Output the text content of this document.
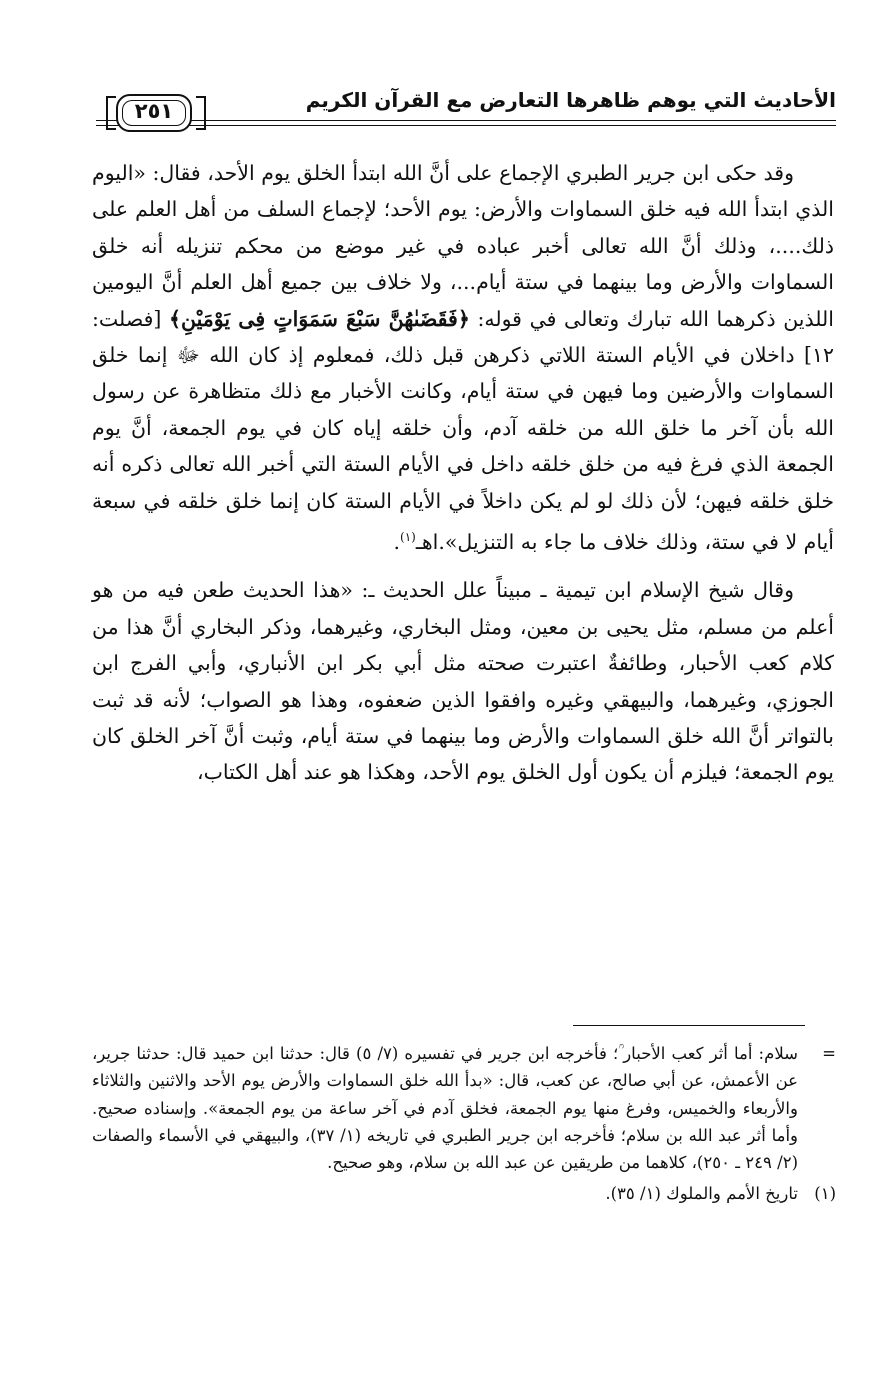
٢٥١	الأحاديث التي يوهم ظاهرها التعارض مع القرآن الكريم

وقد حكى ابن جرير الطبري الإجماع على أنَّ الله ابتدأ الخلق يوم الأحد، فقال: «اليوم الذي ابتدأ الله فيه خلق السماوات والأرض: يوم الأحد؛ لإجماع السلف من أهل العلم على ذلك....، وذلك أنَّ الله تعالى أخبر عباده في غير موضع من محكم تنزيله أنه خلق السماوات والأرض وما بينهما في ستة أيام...، ولا خلاف بين جميع أهل العلم أنَّ اليومين اللذين ذكرهما الله تبارك وتعالى في قوله: ﴿فَقَضَىٰهُنَّ سَبْعَ سَمَوَاتٍ فِى يَوْمَيْنِ﴾ [فصلت: ١٢] داخلان في الأيام الستة اللاتي ذكرهن قبل ذلك، فمعلوم إذ كان الله ﷻ إنما خلق السماوات والأرضين وما فيهن في ستة أيام، وكانت الأخبار مع ذلك متظاهرة عن رسول الله بأن آخر ما خلق الله من خلقه آدم، وأن خلقه إياه كان في يوم الجمعة، أنَّ يوم الجمعة الذي فرغ فيه من خلق خلقه داخل في الأيام الستة التي أخبر الله تعالى ذكره أنه خلق خلقه فيهن؛ لأن ذلك لو لم يكن داخلاً في الأيام الستة كان إنما خلق خلقه في سبعة أيام لا في ستة، وذلك خلاف ما جاء به التنزيل».اهـ$^{(١)}$.

وقال شيخ الإسلام ابن تيمية ـ مبيناً علل الحديث ـ: «هذا الحديث طعن فيه من هو أعلم من مسلم، مثل يحيى بن معين، ومثل البخاري، وغيرهما، وذكر البخاري أنَّ هذا من كلام كعب الأحبار، وطائفةٌ اعتبرت صحته مثل أبي بكر ابن الأنباري، وأبي الفرج ابن الجوزي، وغيرهما، والبيهقي وغيره وافقوا الذين ضعفوه، وهذا هو الصواب؛ لأنه قد ثبت بالتواتر أنَّ الله خلق السماوات والأرض وما بينهما في ستة أيام، وثبت أنَّ آخر الخلق كان يوم الجمعة؛ فيلزم أن يكون أول الخلق يوم الأحد، وهكذا هو عند أهل الكتاب،

=
سلام: أما أثر كعب الأحبار ؒ؛ فأخرجه ابن جرير في تفسيره (٧/ ٥) قال: حدثنا ابن حميد قال: حدثنا جرير، عن الأعمش، عن أبي صالح، عن كعب، قال: «بدأ الله خلق السماوات والأرض يوم الأحد والاثنين والثلاثاء والأربعاء والخميس، وفرغ منها يوم الجمعة، فخلق آدم في آخر ساعة من يوم الجمعة». وإسناده صحيح. وأما أثر عبد الله بن سلام؛ فأخرجه ابن جرير الطبري في تاريخه (١/ ٣٧)، والبيهقي في الأسماء والصفات (٢/ ٢٤٩ ـ ٢٥٠)، كلاهما من طريقين عن عبد الله بن سلام، وهو صحيح.
(١)
تاريخ الأمم والملوك (١/ ٣٥).
